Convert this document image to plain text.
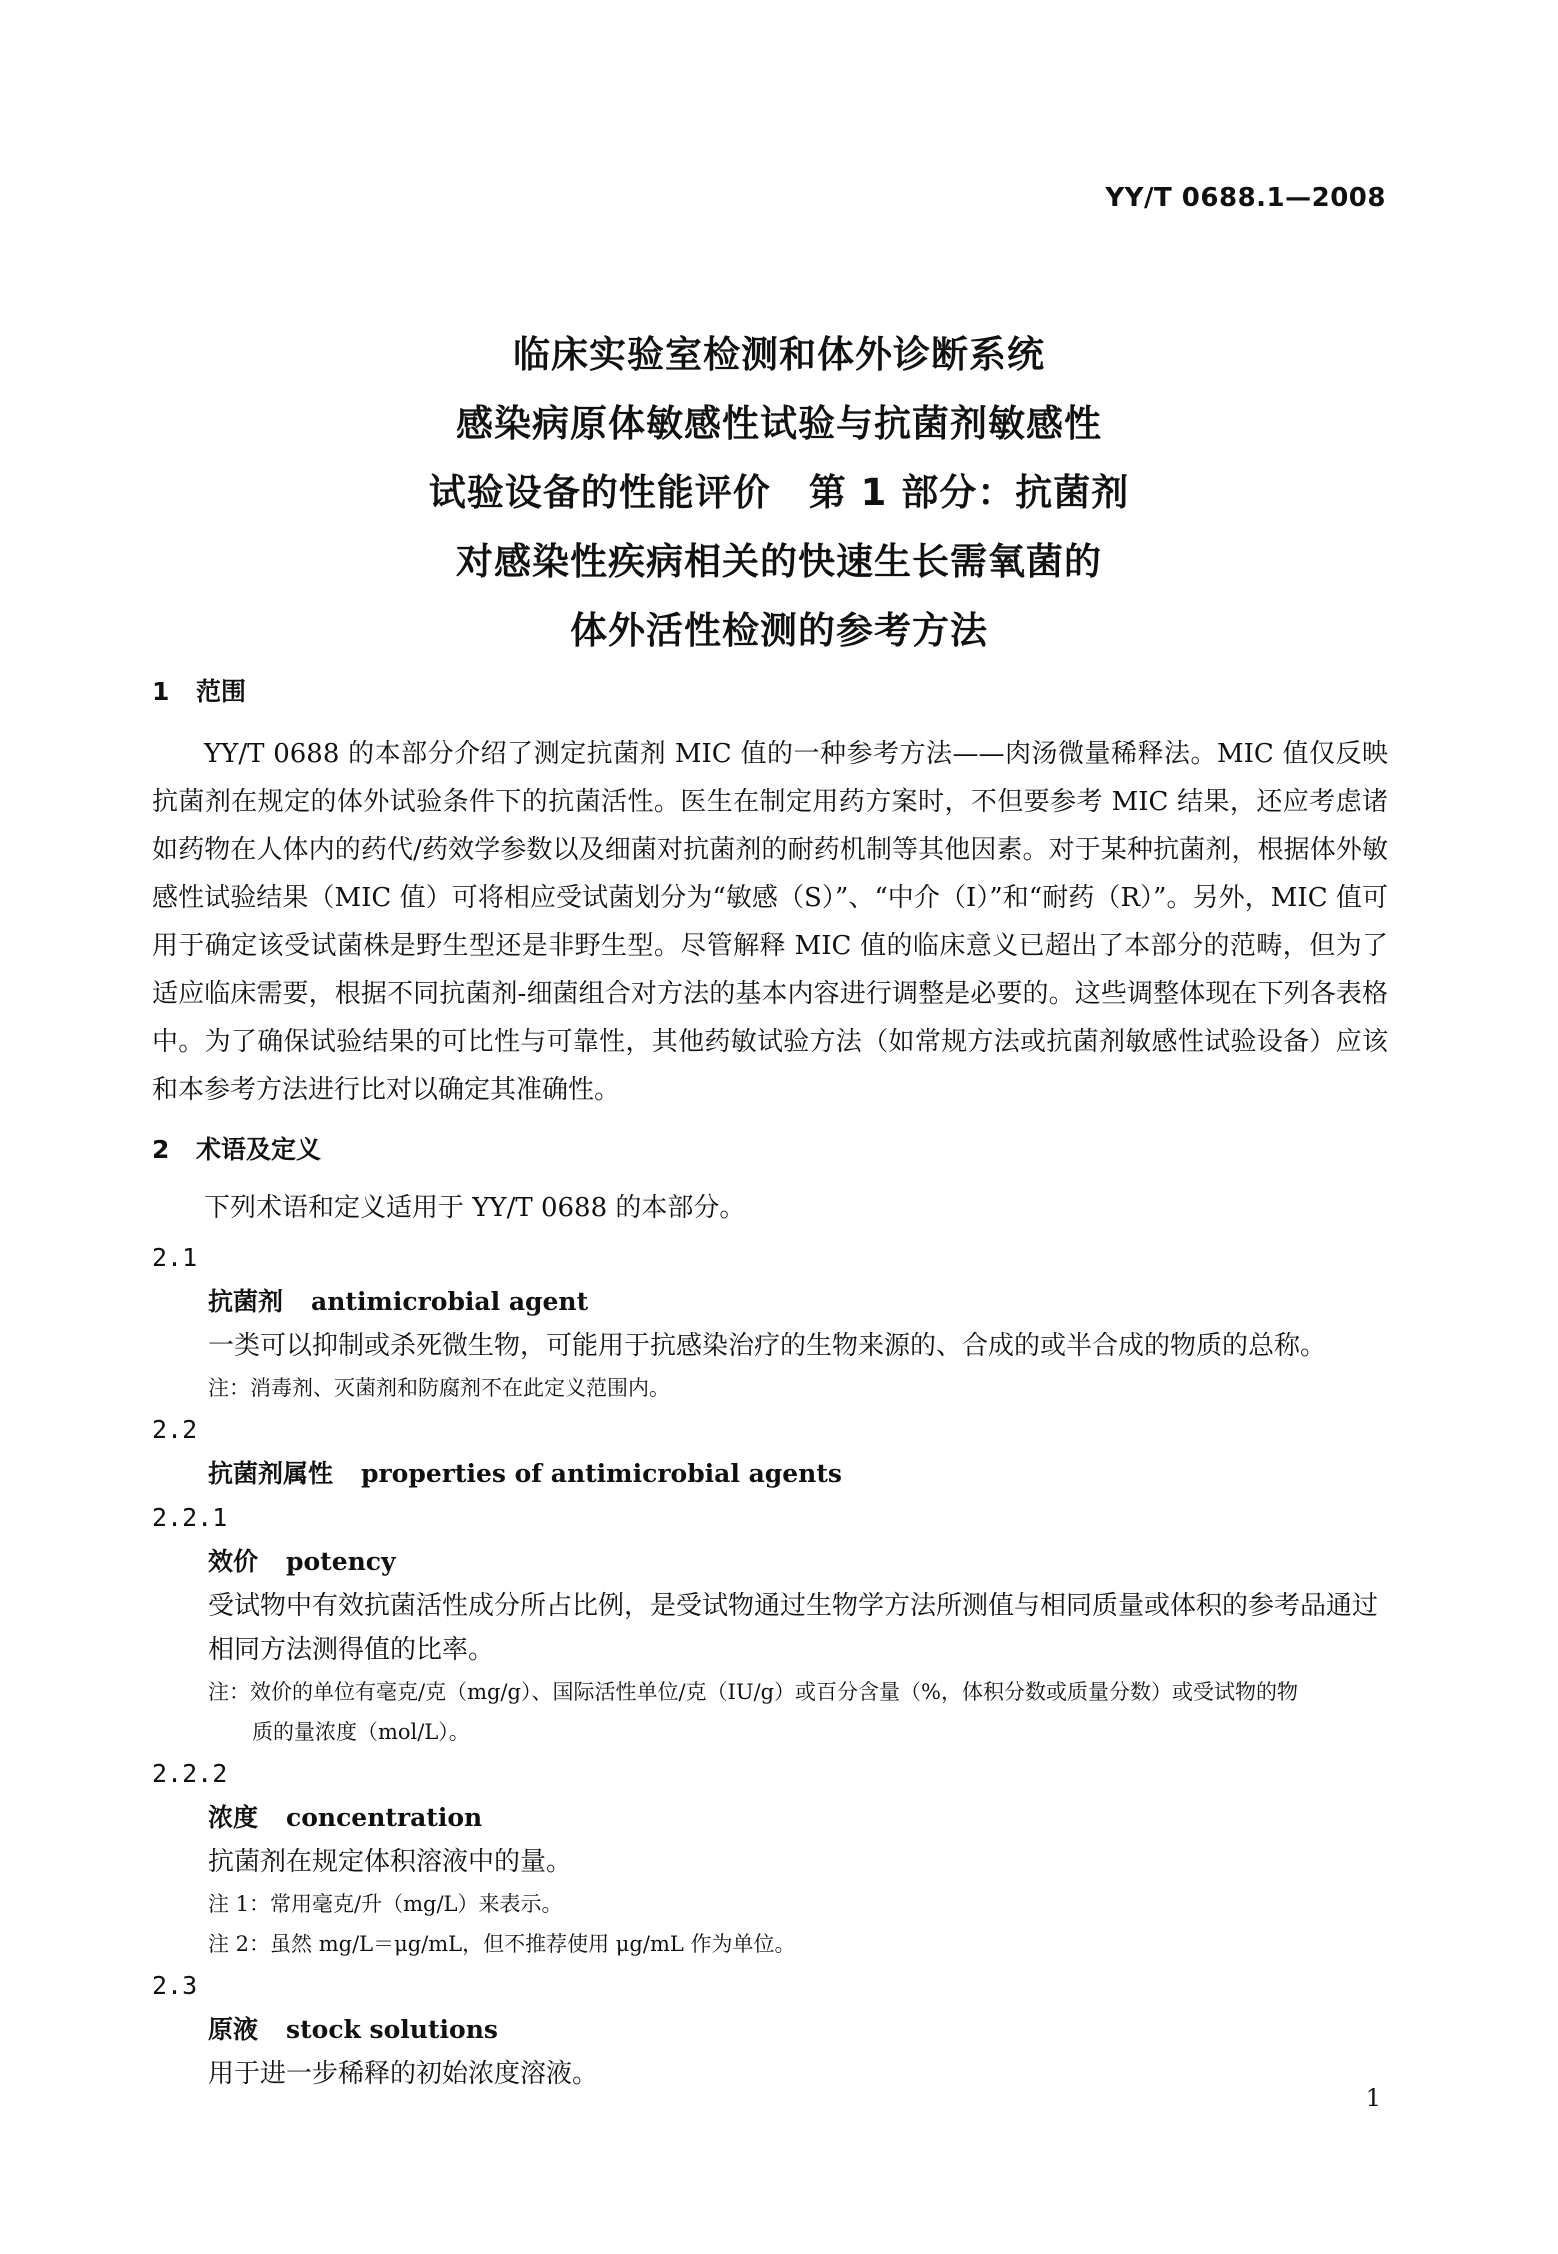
YY/T 0688.1—2008
临床实验室检测和体外诊断系统
感染病原体敏感性试验与抗菌剂敏感性
试验设备的性能评价　第 1 部分：抗菌剂
对感染性疾病相关的快速生长需氧菌的
体外活性检测的参考方法
1 范围
YY/T 0688 的本部分介绍了测定抗菌剂 MIC 值的一种参考方法——肉汤微量稀释法。MIC 值仅反映抗菌剂在规定的体外试验条件下的抗菌活性。医生在制定用药方案时，不但要参考 MIC 结果，还应考虑诸如药物在人体内的药代/药效学参数以及细菌对抗菌剂的耐药机制等其他因素。对于某种抗菌剂，根据体外敏感性试验结果（MIC 值）可将相应受试菌划分为“敏感（S）”、“中介（I）”和“耐药（R）”。另外，MIC 值可用于确定该受试菌株是野生型还是非野生型。尽管解释 MIC 值的临床意义已超出了本部分的范畴，但为了适应临床需要，根据不同抗菌剂-细菌组合对方法的基本内容进行调整是必要的。这些调整体现在下列各表格中。为了确保试验结果的可比性与可靠性，其他药敏试验方法（如常规方法或抗菌剂敏感性试验设备）应该和本参考方法进行比对以确定其准确性。
2 术语及定义
下列术语和定义适用于 YY/T 0688 的本部分。
2.1
抗菌剂 antimicrobial agent
一类可以抑制或杀死微生物，可能用于抗感染治疗的生物来源的、合成的或半合成的物质的总称。
注：消毒剂、灭菌剂和防腐剂不在此定义范围内。
2.2
抗菌剂属性 properties of antimicrobial agents
2.2.1
效价 potency
受试物中有效抗菌活性成分所占比例，是受试物通过生物学方法所测值与相同质量或体积的参考品通过相同方法测得值的比率。
注：效价的单位有毫克/克（mg/g）、国际活性单位/克（IU/g）或百分含量（%，体积分数或质量分数）或受试物的物
质的量浓度（mol/L）。
2.2.2
浓度 concentration
抗菌剂在规定体积溶液中的量。
注 1：常用毫克/升（mg/L）来表示。
注 2：虽然 mg/L＝μg/mL，但不推荐使用 μg/mL 作为单位。
2.3
原液 stock solutions
用于进一步稀释的初始浓度溶液。
1
